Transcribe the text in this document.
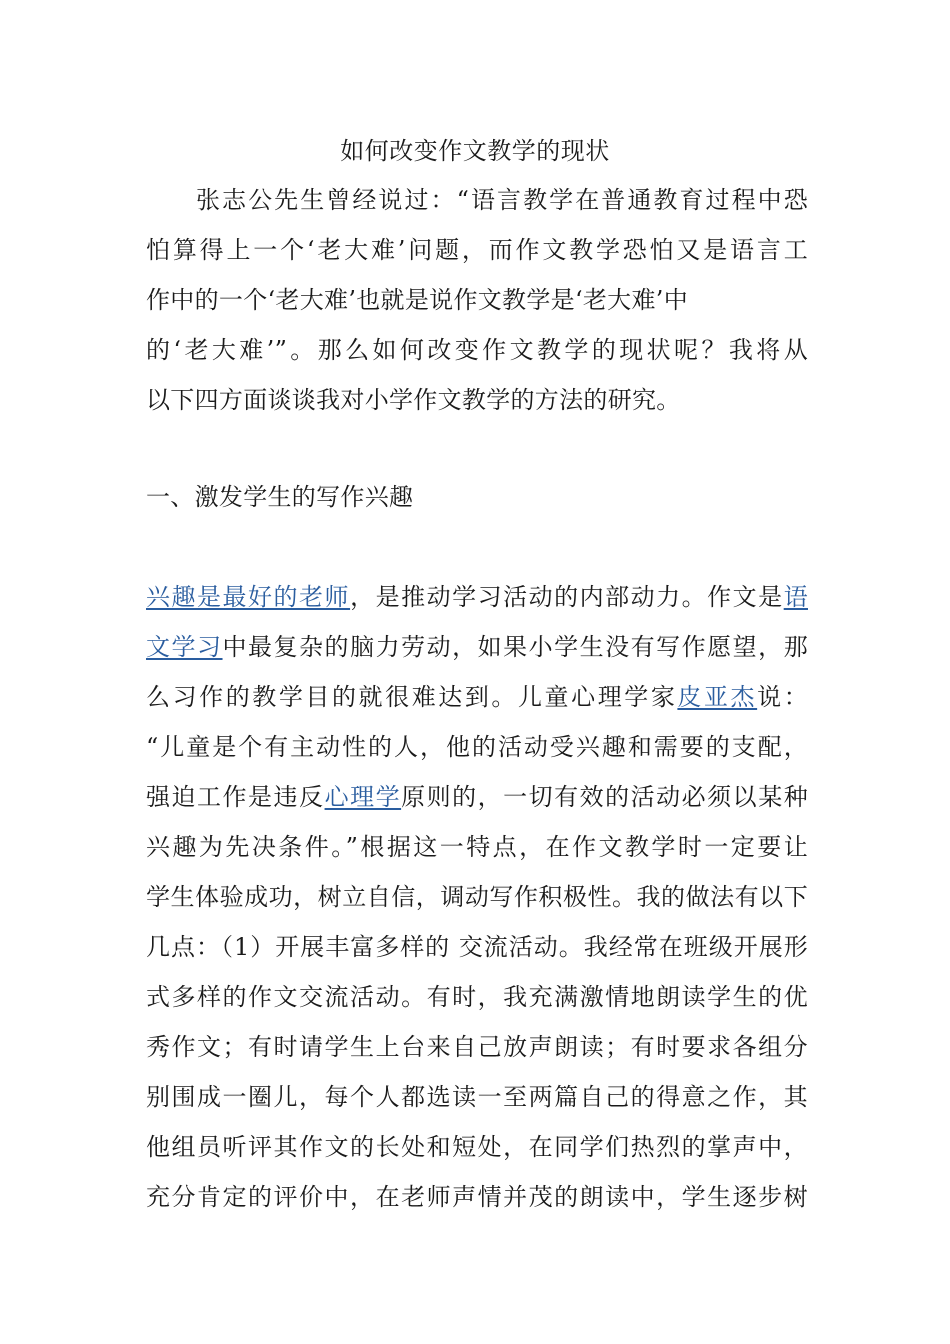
如何改变作文教学的现状
张志公先生曾经说过：“语言教学在普通教育过程中恐
怕算得上一个‘老大难’问题，而作文教学恐怕又是语言工
作中的一个‘老大难’也就是说作文教学是‘老大难’中
的‘老大难’”。那么如何改变作文教学的现状呢？我将从
以下四方面谈谈我对小学作文教学的方法的研究。
一、激发学生的写作兴趣
兴趣是最好的老师，是推动学习活动的内部动力。作文是语
文学习中最复杂的脑力劳动，如果小学生没有写作愿望，那
么习作的教学目的就很难达到。儿童心理学家皮亚杰说：
“儿童是个有主动性的人，他的活动受兴趣和需要的支配，
强迫工作是违反心理学原则的，一切有效的活动必须以某种
兴趣为先决条件。”根据这一特点，在作文教学时一定要让
学生体验成功，树立自信，调动写作积极性。我的做法有以下
几点：（1）开展丰富多样的 交流活动。我经常在班级开展形
式多样的作文交流活动。有时，我充满激情地朗读学生的优
秀作文；有时请学生上台来自己放声朗读；有时要求各组分
别围成一圈儿，每个人都选读一至两篇自己的得意之作，其
他组员听评其作文的长处和短处，在同学们热烈的掌声中，
充分肯定的评价中，在老师声情并茂的朗读中，学生逐步树
